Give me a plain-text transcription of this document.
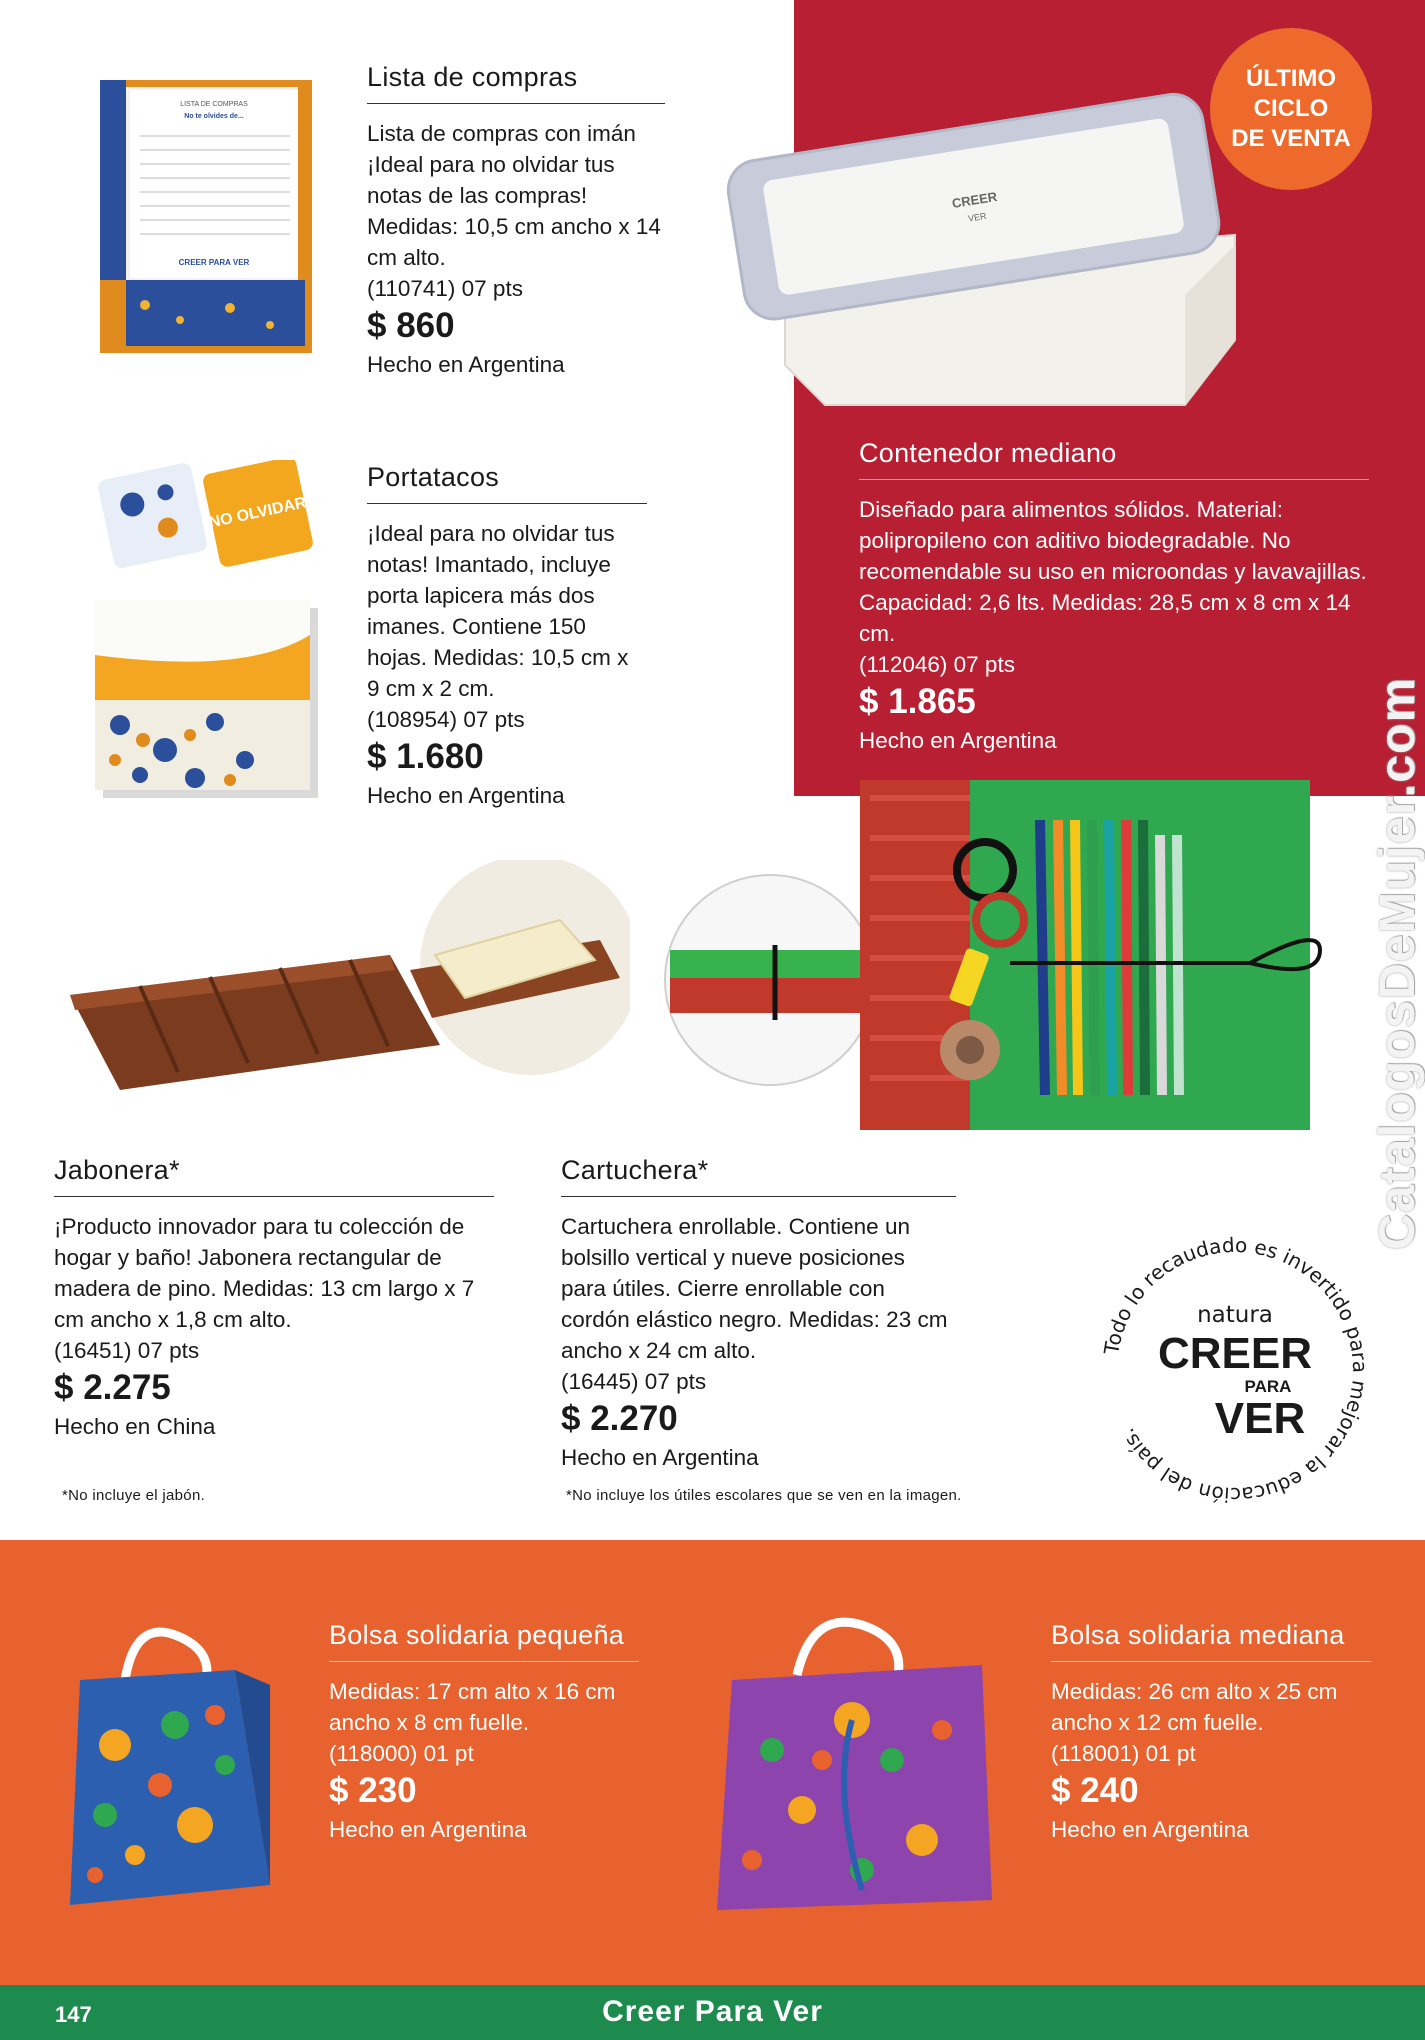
ÚLTIMO
CICLO
DE VENTA
LISTA DE COMPRAS
No te olvides de...
CREER PARA VER
Lista de compras
Lista de compras con imán ¡Ideal para no olvidar tus notas de las compras! Medidas: 10,5 cm ancho x 14 cm alto.
(110741) 07 pts
$ 860
Hecho en Argentina
CREER
VER
Contenedor mediano
Diseñado para alimentos sólidos. Material: polipropileno con aditivo biodegradable. No recomendable su uso en microondas y lavavajillas. Capacidad: 2,6 lts. Medidas: 28,5 cm x 8 cm x 14 cm.
(112046) 07 pts
$ 1.865
Hecho en Argentina
¡NO OLVIDAR!
Portatacos
¡Ideal para no olvidar tus notas! Imantado, incluye porta lapicera más dos imanes. Contiene 150 hojas. Medidas: 10,5 cm x 9 cm x 2 cm.
(108954) 07 pts
$ 1.680
Hecho en Argentina
Jabonera*
¡Producto innovador para tu colección de hogar y baño! Jabonera rectangular de madera de pino. Medidas: 13 cm largo x 7 cm ancho x 1,8 cm alto.
(16451) 07 pts
$ 2.275
Hecho en China
*No incluye el jabón.
Cartuchera*
Cartuchera enrollable. Contiene un bolsillo vertical y nueve posiciones para útiles. Cierre enrollable con cordón elástico negro. Medidas: 23 cm ancho x 24 cm alto.
(16445) 07 pts
$ 2.270
Hecho en Argentina
*No incluye los útiles escolares que se ven en la imagen.
Todo lo recaudado es invertido para mejorar la educación del país.
natura
CREER
PARA
VER
CatalogosDeMujer.com
Bolsa solidaria pequeña
Medidas: 17 cm alto x 16 cm ancho x 8 cm fuelle.
(118000) 01 pt
$ 230
Hecho en Argentina
Bolsa solidaria mediana
Medidas: 26 cm alto x 25 cm ancho x 12 cm fuelle.
(118001) 01 pt
$ 240
Hecho en Argentina
147	Creer Para Ver
